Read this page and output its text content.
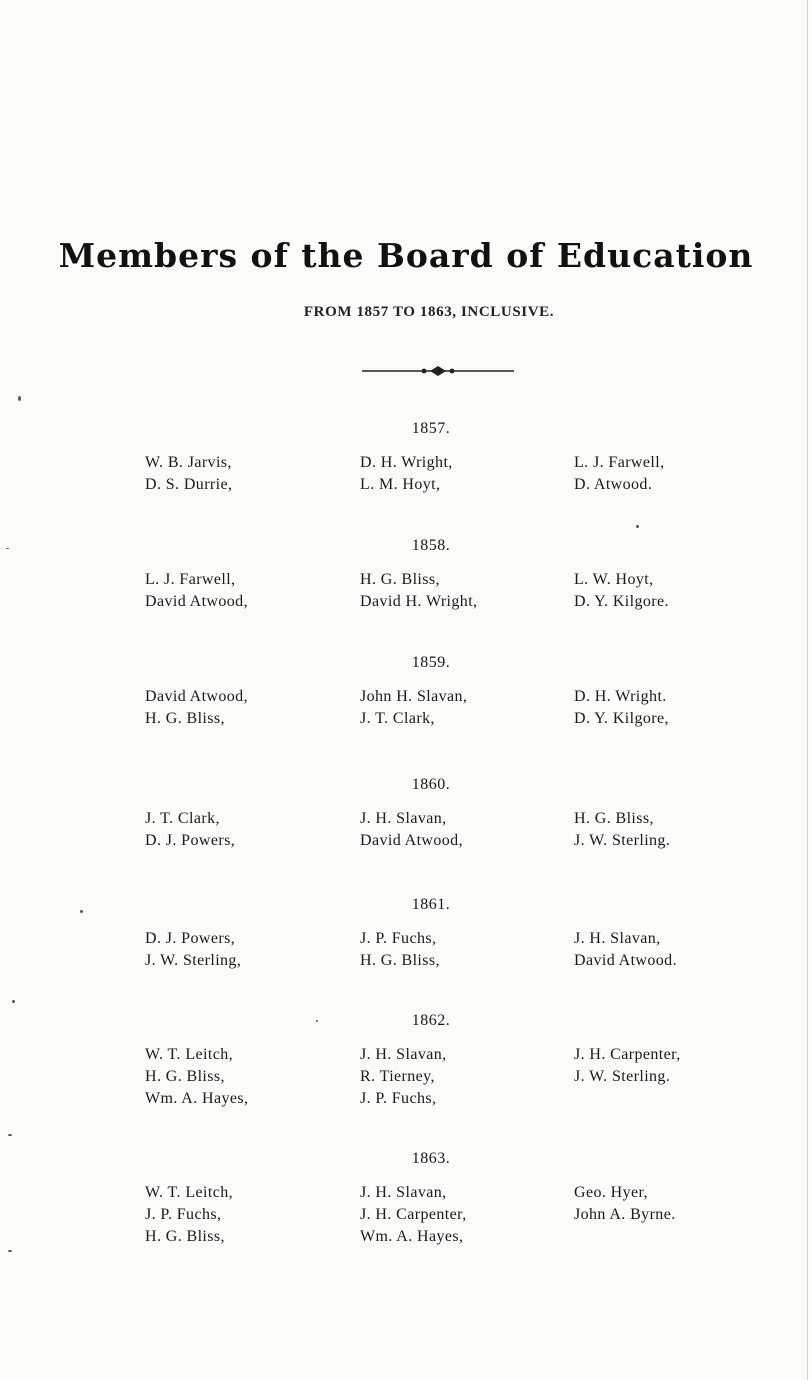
Members of the Board of Education
FROM 1857 TO 1863, INCLUSIVE.
1857.
W. B. Jarvis,
D. S. Durrie,
D. H. Wright,
L. M. Hoyt,
L. J. Farwell,
D. Atwood.
1858.
L. J. Farwell,
David Atwood,
H. G. Bliss,
David H. Wright,
L. W. Hoyt,
D. Y. Kilgore.
1859.
David Atwood,
H. G. Bliss,
John H. Slavan,
J. T. Clark,
D. H. Wright.
D. Y. Kilgore,
1860.
J. T. Clark,
D. J. Powers,
J. H. Slavan,
David Atwood,
H. G. Bliss,
J. W. Sterling.
1861.
D. J. Powers,
J. W. Sterling,
J. P. Fuchs,
H. G. Bliss,
J. H. Slavan,
David Atwood.
1862.
W. T. Leitch,
H. G. Bliss,
Wm. A. Hayes,
J. H. Slavan,
R. Tierney,
J. P. Fuchs,
J. H. Carpenter,
J. W. Sterling.
1863.
W. T. Leitch,
J. P. Fuchs,
H. G. Bliss,
J. H. Slavan,
J. H. Carpenter,
Wm. A. Hayes,
Geo. Hyer,
John A. Byrne.
